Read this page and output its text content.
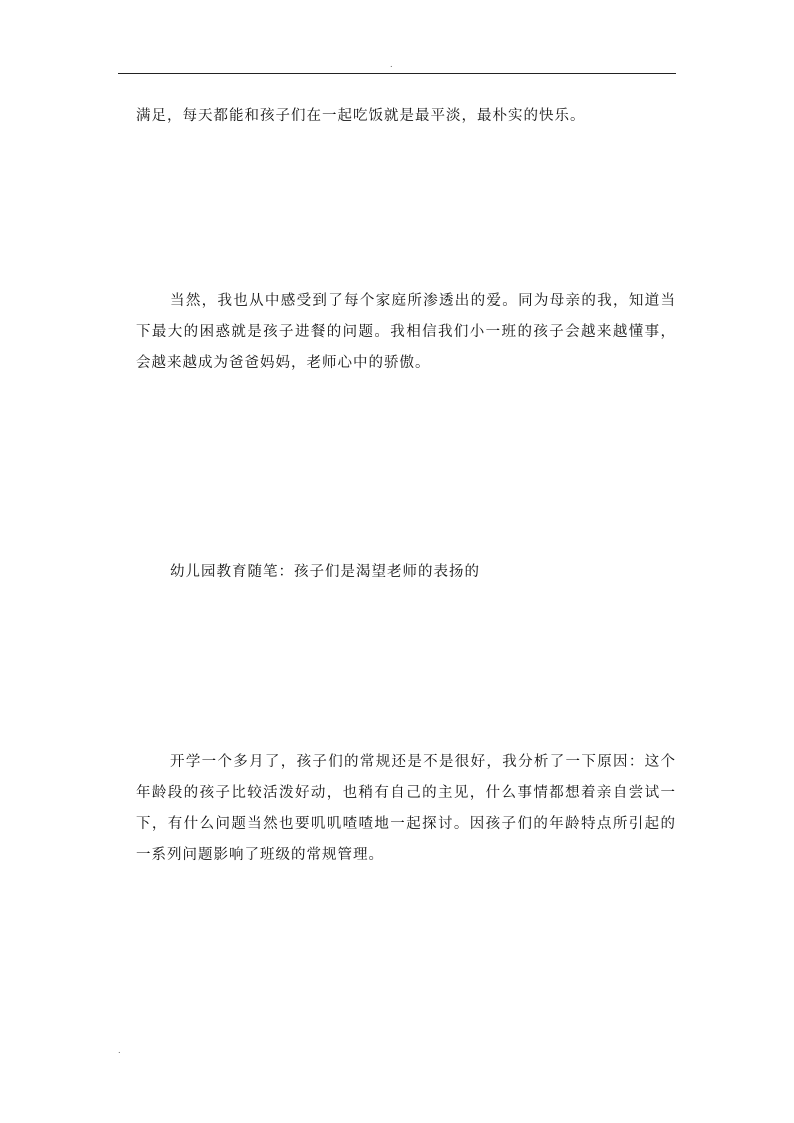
.

满足，每天都能和孩子们在一起吃饭就是最平淡，最朴实的快乐。

当然，我也从中感受到了每个家庭所渗透出的爱。同为母亲的我，知道当下最大的困惑就是孩子进餐的问题。我相信我们小一班的孩子会越来越懂事，会越来越成为爸爸妈妈，老师心中的骄傲。

幼儿园教育随笔：孩子们是渴望老师的表扬的

开学一个多月了，孩子们的常规还是不是很好，我分析了一下原因：这个年龄段的孩子比较活泼好动，也稍有自己的主见，什么事情都想着亲自尝试一下，有什么问题当然也要叽叽喳喳地一起探讨。因孩子们的年龄特点所引起的一系列问题影响了班级的常规管理。

.
